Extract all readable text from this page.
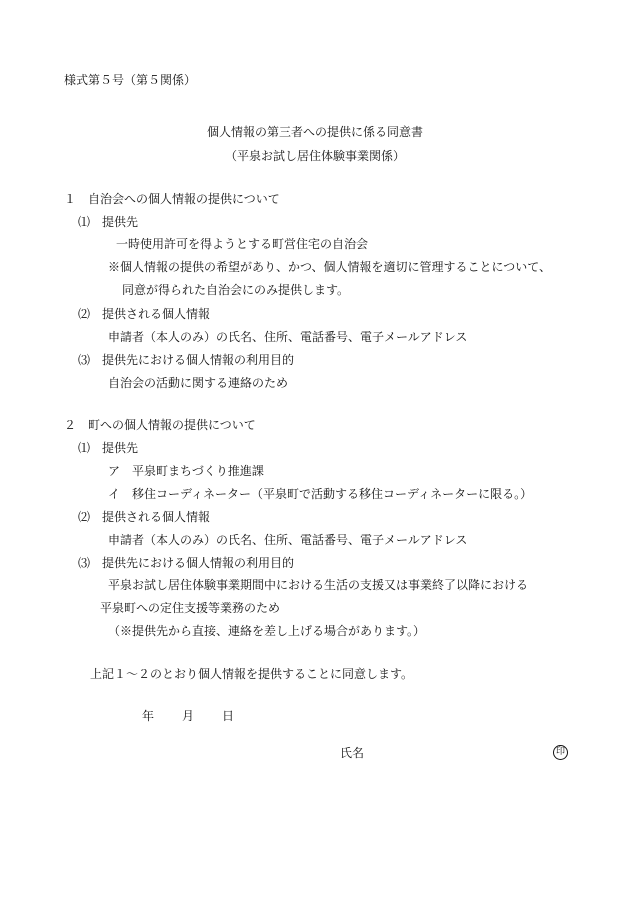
様式第５号（第５関係）
個人情報の第三者への提供に係る同意書
（平泉お試し居住体験事業関係）
１　自治会への個人情報の提供について
⑴　提供先
一時使用許可を得ようとする町営住宅の自治会
※個人情報の提供の希望があり、かつ、個人情報を適切に管理することについて、
同意が得られた自治会にのみ提供します。
⑵　提供される個人情報
申請者（本人のみ）の氏名、住所、電話番号、電子メールアドレス
⑶　提供先における個人情報の利用目的
自治会の活動に関する連絡のため
２　町への個人情報の提供について
⑴　提供先
ア　平泉町まちづくり推進課
イ　移住コーディネーター（平泉町で活動する移住コーディネーターに限る。）
⑵　提供される個人情報
申請者（本人のみ）の氏名、住所、電話番号、電子メールアドレス
⑶　提供先における個人情報の利用目的
平泉お試し居住体験事業期間中における生活の支援又は事業終了以降における
平泉町への定住支援等業務のため
（※提供先から直接、連絡を差し上げる場合があります。）
上記１～２のとおり個人情報を提供することに同意します。
年 月 日
氏名	印
